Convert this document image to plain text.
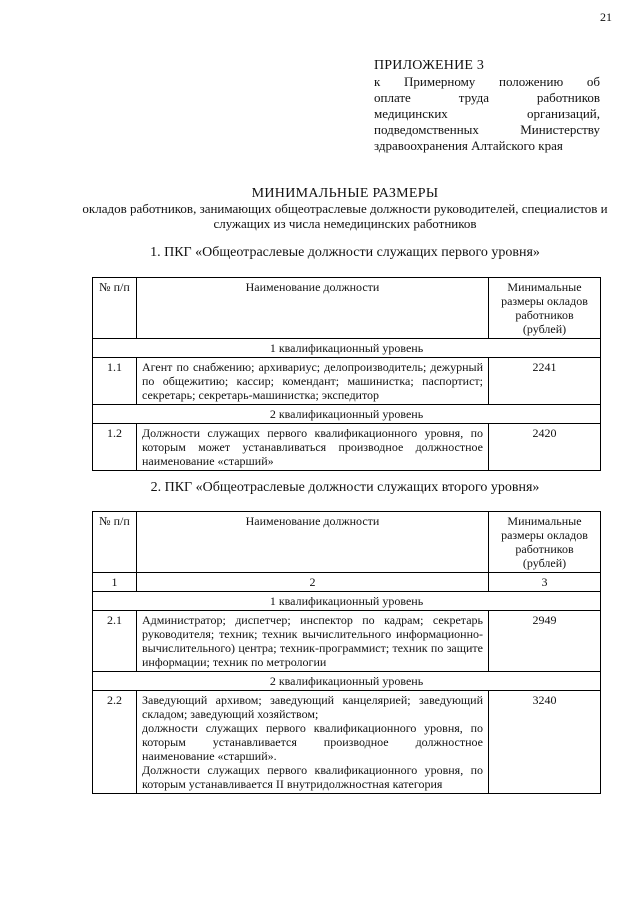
21
ПРИЛОЖЕНИЕ 3
к Примерному положению об
оплате труда работников
медицинских организаций,
подведомственных Министерству
здравоохранения Алтайского края
МИНИМАЛЬНЫЕ РАЗМЕРЫ
окладов работников, занимающих общеотраслевые должности руководителей, специалистов и служащих из числа немедицинских работников
1. ПКГ «Общеотраслевые должности служащих первого уровня»
№ п/п	Наименование должности	Минимальные размеры окладов работников (рублей)
1 квалификационный уровень		
1.1	Агент по снабжению; архивариус; делопроизводитель; дежурный по общежитию; кассир; комендант; машинистка; паспортист; секретарь; секретарь-машинистка; экспедитор	2241
2 квалификационный уровень		
1.2	Должности служащих первого квалификационного уровня, по которым может устанавливаться производное должностное наименование «старший»	2420
2. ПКГ «Общеотраслевые должности служащих второго уровня»
№ п/п	Наименование должности	Минимальные размеры окладов работников (рублей)
1	2	3
1 квалификационный уровень		
2.1	Администратор; диспетчер; инспектор по кадрам; секретарь руководителя; техник; техник вычислительного информационно-вычислительного) центра; техник-программист; техник по защите информации; техник по метрологии	2949
2 квалификационный уровень		
2.2	Заведующий архивом; заведующий канцелярией; заведующий складом; заведующий хозяйством;
должности служащих первого квалификационного уровня, по которым устанавливается производное должностное наименование «старший».
Должности служащих первого квалификационного уровня, по которым устанавливается II внутридолжностная категория	3240
